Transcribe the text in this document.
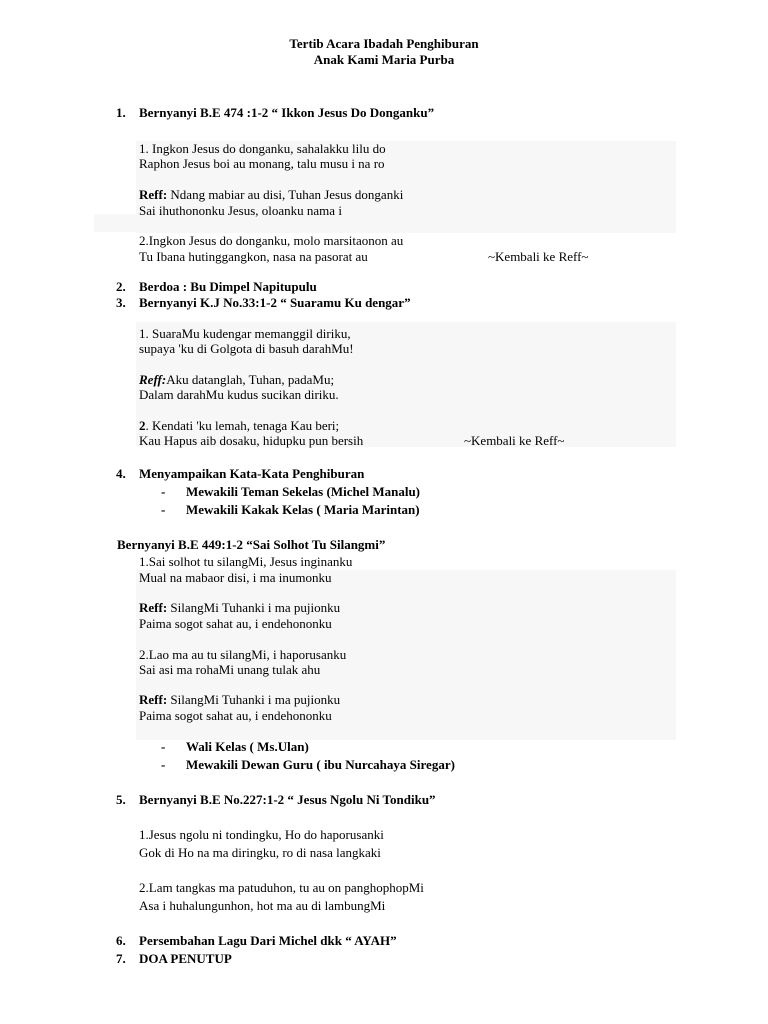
Tertib Acara Ibadah Penghiburan
Anak Kami Maria Purba
1. Bernyanyi B.E 474 :1-2 “ Ikkon Jesus Do Donganku”
1. Ingkon Jesus do donganku, sahalakku lilu do
Raphon Jesus boi au monang, talu musu i na ro
Reff: Ndang mabiar au disi, Tuhan Jesus donganki
Sai ihuthononku Jesus, oloanku nama i
2.Ingkon Jesus do donganku, molo marsitaonon au
Tu Ibana hutinggangkon, nasa na pasorat au	~Kembali ke Reff~
2. Berdoa : Bu Dimpel Napitupulu
3. Bernyanyi K.J No.33:1-2 “ Suaramu Ku dengar”
1. SuaraMu kudengar memanggil diriku,
supaya 'ku di Golgota di basuh darahMu!
Reff:Aku datanglah, Tuhan, padaMu;
Dalam darahMu kudus sucikan diriku.
2. Kendati 'ku lemah, tenaga Kau beri;
Kau Hapus aib dosaku, hidupku pun bersih	~Kembali ke Reff~
4. Menyampaikan Kata-Kata Penghiburan
- Mewakili Teman Sekelas (Michel Manalu)
- Mewakili Kakak Kelas ( Maria Marintan)
Bernyanyi B.E 449:1-2 “Sai Solhot Tu Silangmi”
1.Sai solhot tu silangMi, Jesus inginanku
Mual na mabaor disi, i ma inumonku
Reff: SilangMi Tuhanki i ma pujionku
Paima sogot sahat au, i endehononku
2.Lao ma au tu silangMi, i haporusanku
Sai asi ma rohaMi unang tulak ahu
Reff: SilangMi Tuhanki i ma pujionku
Paima sogot sahat au, i endehononku
- Wali Kelas ( Ms.Ulan)
- Mewakili Dewan Guru ( ibu Nurcahaya Siregar)
5. Bernyanyi B.E No.227:1-2 “ Jesus Ngolu Ni Tondiku”
1.Jesus ngolu ni tondingku, Ho do haporusanki
Gok di Ho na ma diringku, ro di nasa langkaki
2.Lam tangkas ma patuduhon, tu au on panghophopMi
Asa i huhalungunhon, hot ma au di lambungMi
6. Persembahan Lagu Dari Michel dkk “ AYAH”
7. DOA PENUTUP
